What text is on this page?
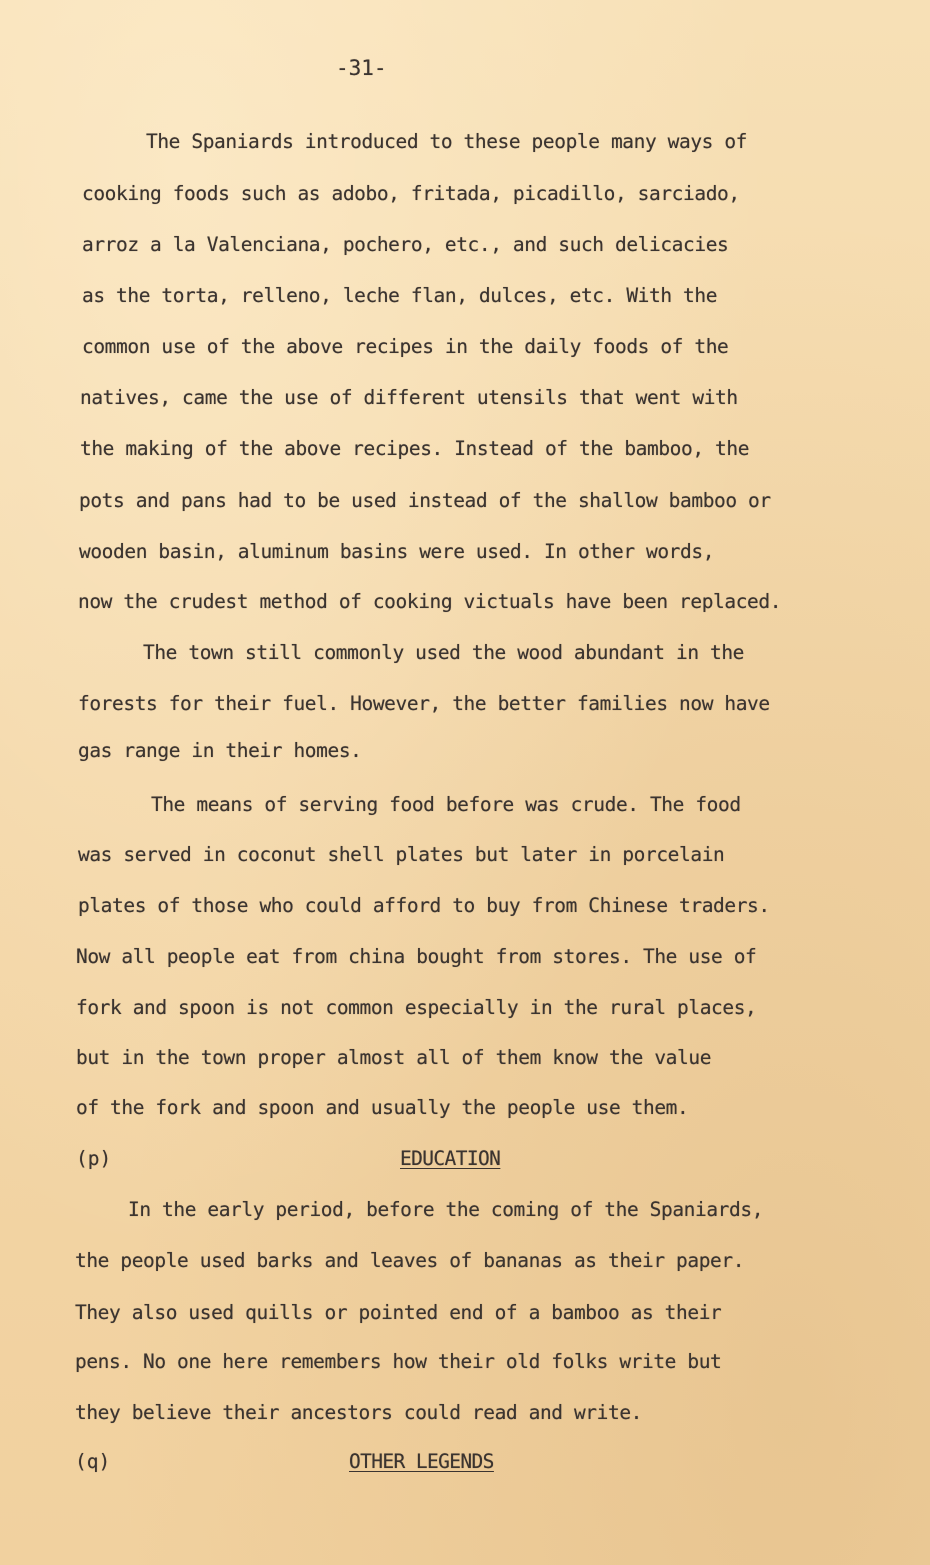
-31-
The Spaniards introduced to these people many ways of
cooking foods such as adobo, fritada, picadillo, sarciado,
arroz a la Valenciana, pochero, etc., and such delicacies
as the torta, relleno, leche flan, dulces, etc. With the
common use of the above recipes in the daily foods of the
natives, came the use of different utensils that went with
the making of the above recipes. Instead of the bamboo, the
pots and pans had to be used instead of the shallow bamboo or
wooden basin, aluminum basins were used. In other words,
now the crudest method of cooking victuals have been replaced.
The town still commonly used the wood abundant in the
forests for their fuel. However, the better families now have
gas range in their homes.
The means of serving food before was crude. The food
was served in coconut shell plates but later in porcelain
plates of those who could afford to buy from Chinese traders.
Now all people eat from china bought from stores. The use of
fork and spoon is not common especially in the rural places,
but in the town proper almost all of them know the value
of the fork and spoon and usually the people use them.
(p)	EDUCATION
In the early period, before the coming of the Spaniards,
the people used barks and leaves of bananas as their paper.
They also used quills or pointed end of a bamboo as their
pens. No one here remembers how their old folks write but
they believe their ancestors could read and write.
(q)	OTHER LEGENDS
